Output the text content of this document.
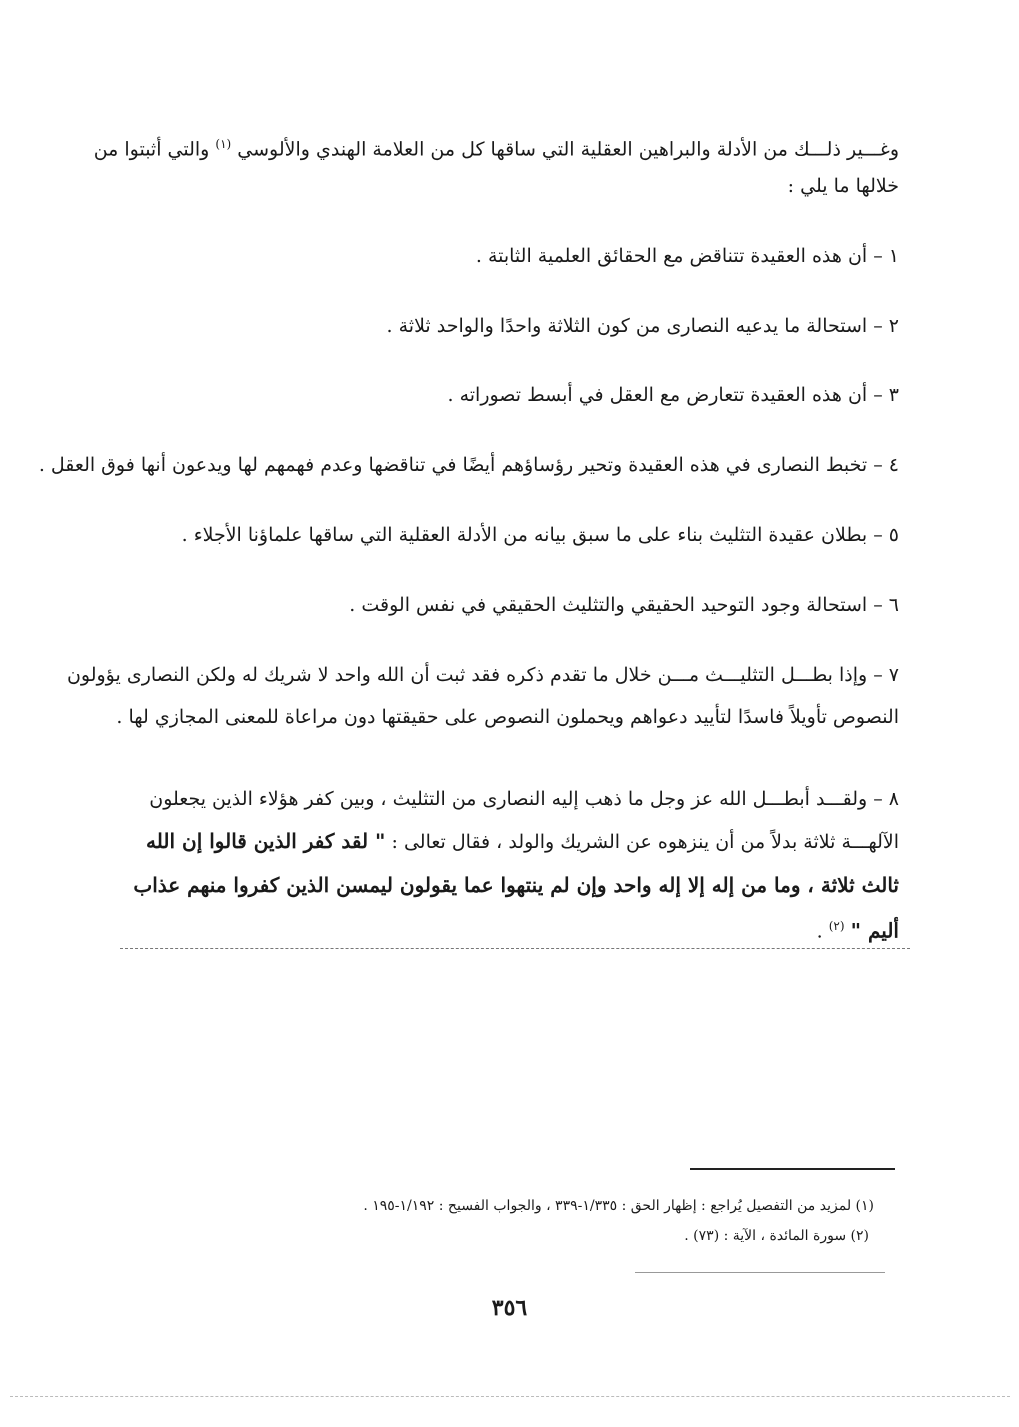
وغـــير ذلـــك من الأدلة والبراهين العقلية التي ساقها كل من العلامة الهندي والألوسي $^{(١)}$ والتي أثبتوا من
خلالها ما يلي :
١ – أن هذه العقيدة تتناقض مع الحقائق العلمية الثابتة .
٢ – استحالة ما يدعيه النصارى من كون الثلاثة واحدًا والواحد ثلاثة .
٣ – أن هذه العقيدة تتعارض مع العقل في أبسط تصوراته .
٤ – تخبط النصارى في هذه العقيدة وتحير رؤساؤهم أيضًا في تناقضها وعدم فهمهم لها ويدعون أنها فوق العقل .
٥ – بطلان عقيدة التثليث بناء على ما سبق بيانه من الأدلة العقلية التي ساقها علماؤنا الأجلاء .
٦ – استحالة وجود التوحيد الحقيقي والتثليث الحقيقي في نفس الوقت .
٧ – وإذا بطـــل التثليـــث مـــن خلال ما تقدم ذكره فقد ثبت أن الله واحد لا شريك له ولكن النصارى يؤولون
النصوص تأويلاً فاسدًا لتأييد دعواهم ويحملون النصوص على حقيقتها دون مراعاة للمعنى المجازي لها .
٨ – ولقـــد أبطـــل الله عز وجل ما ذهب إليه النصارى من التثليث ، وبين كفر هؤلاء الذين يجعلون
الآلهـــة ثلاثة بدلاً من أن ينزهوه عن الشريك والولد ، فقال تعالى : " لقد كفر الذين قالوا إن الله
ثالث ثلاثة ، وما من إله إلا إله واحد وإن لم ينتهوا عما يقولون ليمسن الذين كفروا منهم عذاب
أليم " $^{(٢)}$ .
(١) لمزيد من التفصيل يُراجع : إظهار الحق : ١/٣٣٥-٣٣٩ ، والجواب الفسيح : ١/١٩٢-١٩٥ .
(٢) سورة المائدة ، الآية : (٧٣) .
٣٥٦
